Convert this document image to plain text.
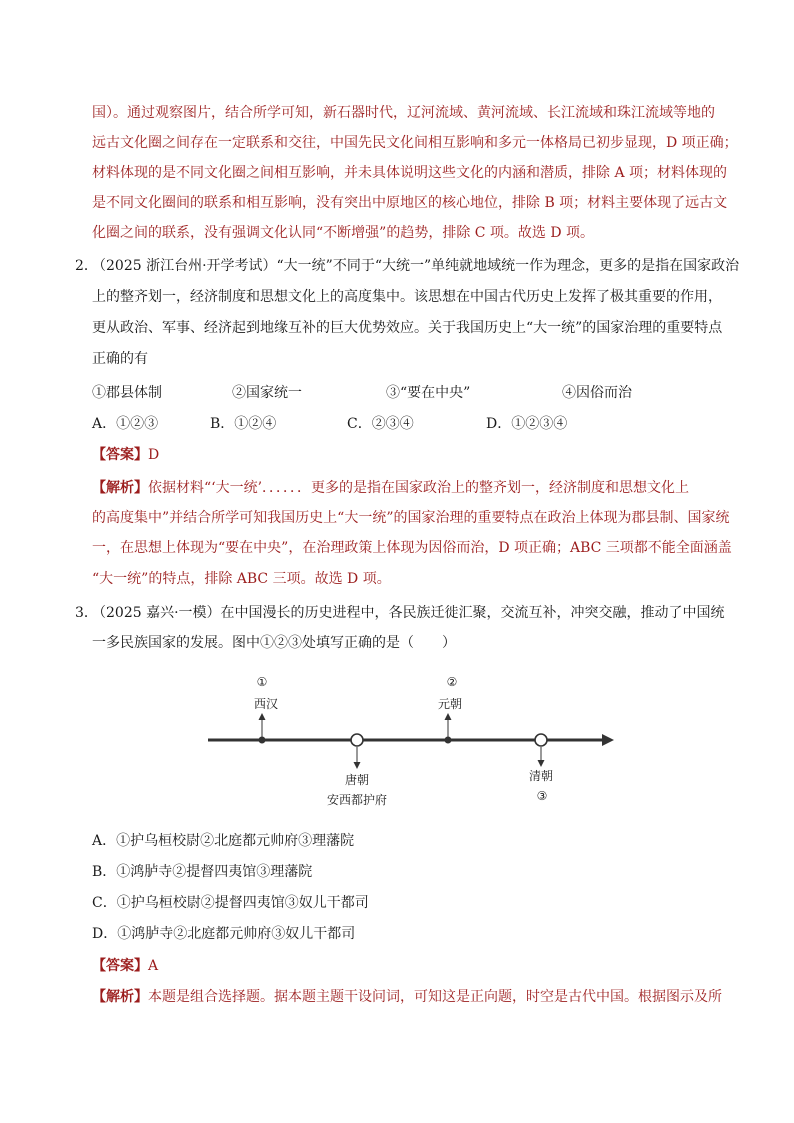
国）。通过观察图片，结合所学可知，新石器时代，辽河流域、黄河流域、长江流域和珠江流域等地的
远古文化圈之间存在一定联系和交往，中国先民文化间相互影响和多元一体格局已初步显现，D 项正确；
材料体现的是不同文化圈之间相互影响，并未具体说明这些文化的内涵和潜质，排除 A 项；材料体现的
是不同文化圈间的联系和相互影响，没有突出中原地区的核心地位，排除 B 项；材料主要体现了远古文
化圈之间的联系，没有强调文化认同“不断增强”的趋势，排除 C 项。故选 D 项。
2．
（2025 浙江台州·开学考试）“大一统”不同于“大统一”单纯就地域统一作为理念，更多的是指在国家政治
上的整齐划一，经济制度和思想文化上的高度集中。该思想在中国古代历史上发挥了极其重要的作用，
更从政治、军事、经济起到地缘互补的巨大优势效应。关于我国历史上“大一统”的国家治理的重要特点
正确的有
①郡县体制	②国家统一	③“要在中央”	④因俗而治
A．①②③	B．①②④	C．②③④	D．①②③④
【答案】D
【解析】依据材料“‘大一统’．．．．．．更多的是指在国家政治上的整齐划一，经济制度和思想文化上
的高度集中”并结合所学可知我国历史上“大一统”的国家治理的重要特点在政治上体现为郡县制、国家统
一，在思想上体现为“要在中央”，在治理政策上体现为因俗而治，D 项正确；ABC 三项都不能全面涵盖
“大一统”的特点，排除 ABC 三项。故选 D 项。
3．
（2025 嘉兴·一模）在中国漫长的历史进程中，各民族迁徙汇聚，交流互补，冲突交融，推动了中国统
一多民族国家的发展。图中①②③处填写正确的是（　　）
①
西汉
唐朝
安西都护府
②
元朝
清朝
③
A．①护乌桓校尉②北庭都元帅府③理藩院
B．①鸿胪寺②提督四夷馆③理藩院
C．①护乌桓校尉②提督四夷馆③奴儿干都司
D．①鸿胪寺②北庭都元帅府③奴儿干都司
【答案】A
【解析】本题是组合选择题。据本题主题干设问词，可知这是正向题，时空是古代中国。根据图示及所
